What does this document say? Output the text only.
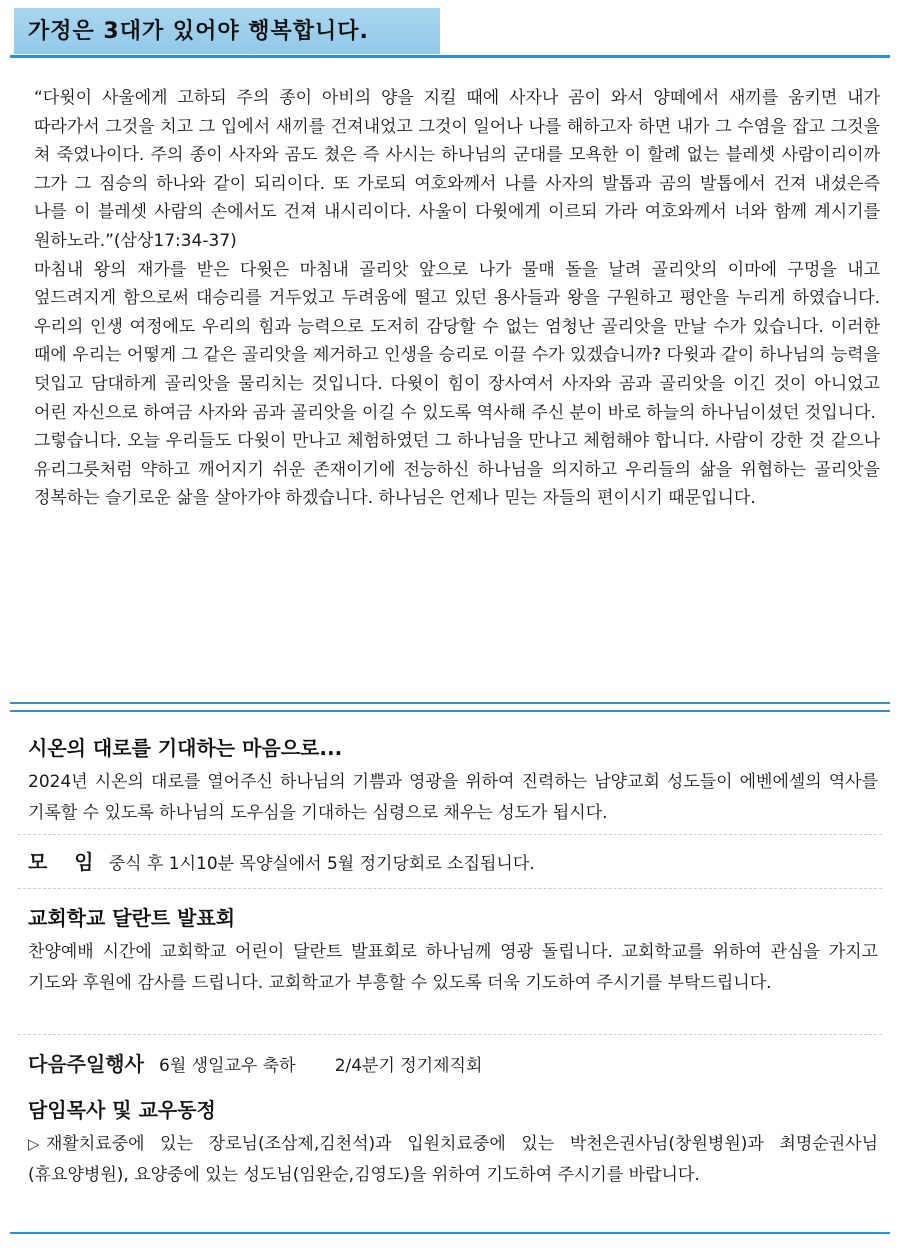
가정은 3대가 있어야 행복합니다.

“다윗이 사울에게 고하되 주의 종이 아비의 양을 지킬 때에 사자나 곰이 와서 양떼에서 새끼를 움키면 내가 따라가서 그것을 치고 그 입에서 새끼를 건져내었고 그것이 일어나 나를 해하고자 하면 내가 그 수염을 잡고 그것을 쳐 죽였나이다. 주의 종이 사자와 곰도 쳤은 즉 사시는 하나님의 군대를 모욕한 이 할례 없는 블레셋 사람이리이까 그가 그 짐승의 하나와 같이 되리이다. 또 가로되 여호와께서 나를 사자의 발톱과 곰의 발톱에서 건져 내셨은즉 나를 이 블레셋 사람의 손에서도 건져 내시리이다. 사울이 다윗에게 이르되 가라 여호와께서 너와 함께 계시기를 원하노라.”(삼상17:34-37)

마침내 왕의 재가를 받은 다윗은 마침내 골리앗 앞으로 나가 물매 돌을 날려 골리앗의 이마에 구멍을 내고 엎드려지게 함으로써 대승리를 거두었고 두려움에 떨고 있던 용사들과 왕을 구원하고 평안을 누리게 하였습니다. 우리의 인생 여정에도 우리의 힘과 능력으로 도저히 감당할 수 없는 엄청난 골리앗을 만날 수가 있습니다. 이러한 때에 우리는 어떻게 그 같은 골리앗을 제거하고 인생을 승리로 이끌 수가 있겠습니까? 다윗과 같이 하나님의 능력을 덧입고 담대하게 골리앗을 물리치는 것입니다. 다윗이 힘이 장사여서 사자와 곰과 골리앗을 이긴 것이 아니었고 어린 자신으로 하여금 사자와 곰과 골리앗을 이길 수 있도록 역사해 주신 분이 바로 하늘의 하나님이셨던 것입니다.

그렇습니다. 오늘 우리들도 다윗이 만나고 체험하였던 그 하나님을 만나고 체험해야 합니다. 사람이 강한 것 같으나 유리그릇처럼 약하고 깨어지기 쉬운 존재이기에 전능하신 하나님을 의지하고 우리들의 삶을 위협하는 골리앗을 정복하는 슬기로운 삶을 살아가야 하겠습니다. 하나님은 언제나 믿는 자들의 편이시기 때문입니다.

시온의 대로를 기대하는 마음으로...

2024년 시온의 대로를 열어주신 하나님의 기쁨과 영광을 위하여 진력하는 남양교회 성도들이 에벤에셀의 역사를 기록할 수 있도록 하나님의 도우심을 기대하는 심령으로 채우는 성도가 됩시다.

모　 임 중식 후 1시10분 목양실에서 5월 정기당회로 소집됩니다.
교회학교 달란트 발표회

찬양예배 시간에 교회학교 어린이 달란트 발표회로 하나님께 영광 돌립니다. 교회학교를 위하여 관심을 가지고 기도와 후원에 감사를 드립니다. 교회학교가 부흥할 수 있도록 더욱 기도하여 주시기를 부탁드립니다.

다음주일행사 6월 생일교우 축하 2/4분기 정기제직회
담임목사 및 교우동정

▷ 재활치료중에 있는 장로님(조삼제,김천석)과 입원치료중에 있는 박천은권사님(창원병원)과 최명순권사님(휴요양병원), 요양중에 있는 성도님(임완순,김영도)을 위하여 기도하여 주시기를 바랍니다.
